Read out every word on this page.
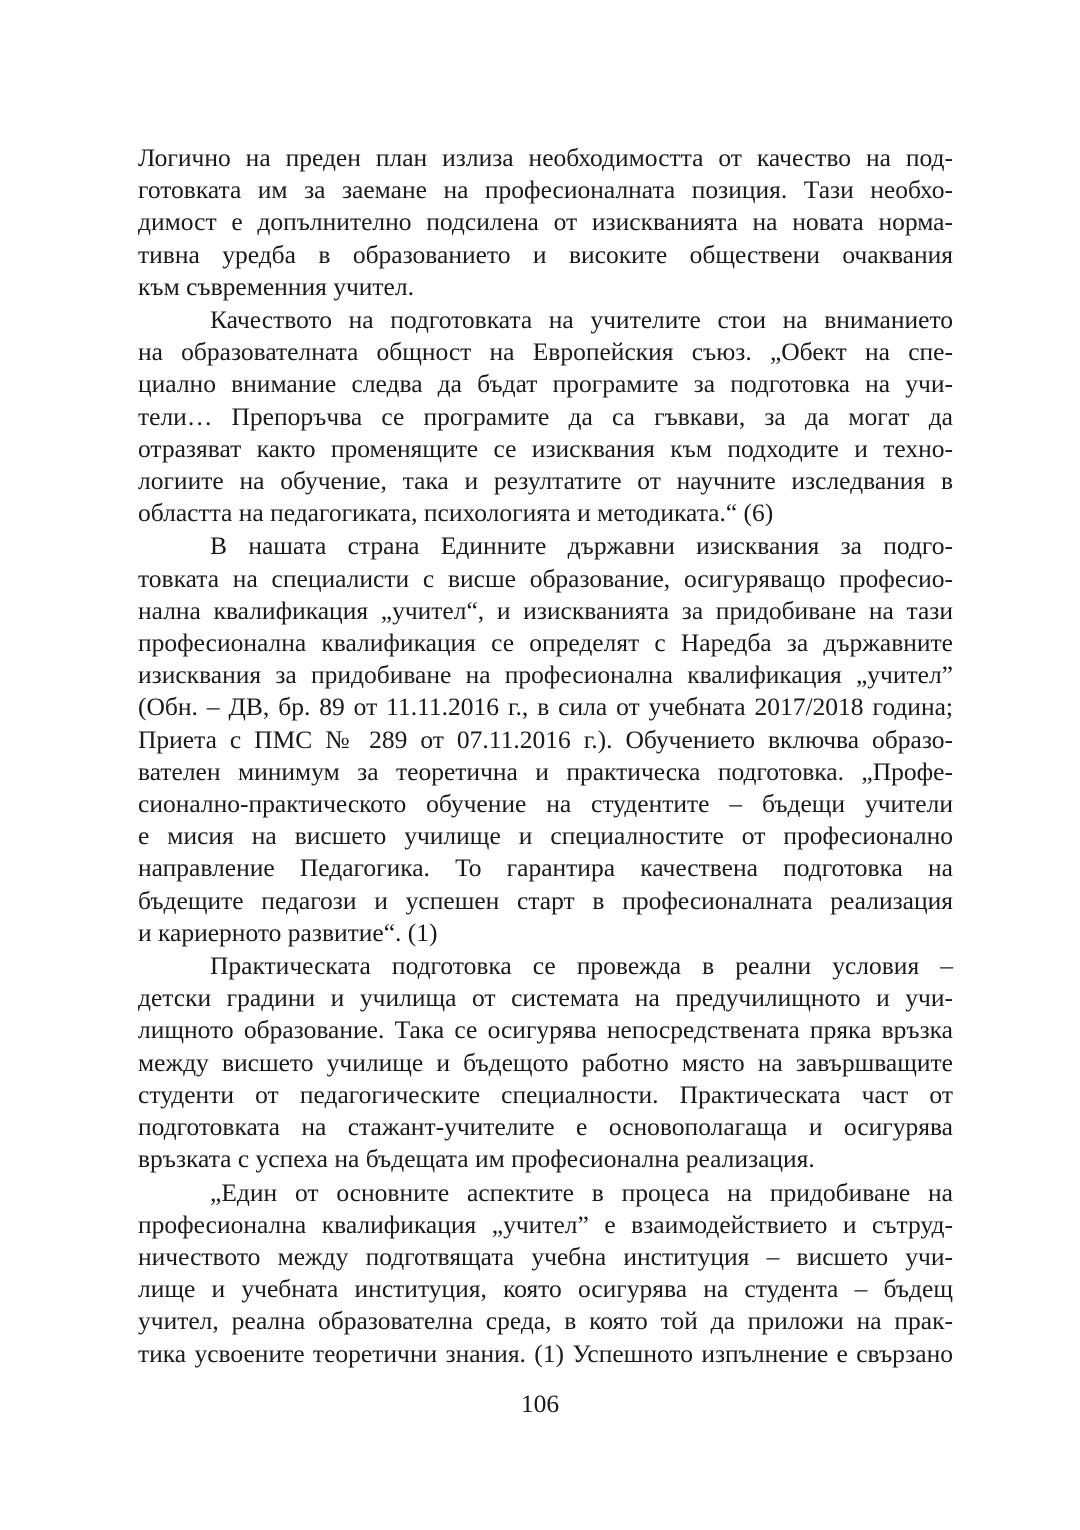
Логично на преден план излиза необходимостта от качество на под-
готовката им за заемане на професионалната позиция. Тази необхо-
димост е допълнително подсилена от изискванията на новата норма-
тивна уредба в образованието и високите обществени очаквания
към съвременния учител.

Качеството на подготовката на учителите стои на вниманието
на образователната общност на Европейския съюз. „Обект на спе-
циално внимание следва да бъдат програмите за подготовка на учи-
тели… Препоръчва се програмите да са гъвкави, за да могат да
отразяват както променящите се изисквания към подходите и техно-
логиите на обучение, така и резултатите от научните изследвания в
областта на педагогиката, психологията и методиката.“ (6)

В нашата страна Единните държавни изисквания за подго-
товката на специалисти с висше образование, осигуряващо професио-
нална квалификация „учител“, и изискванията за придобиване на тази
професионална квалификация се определят с Наредба за държавните
изисквания за придобиване на професионална квалификация „учител”
(Обн. – ДВ, бр. 89 от 11.11.2016 г., в сила от учебната 2017/2018 година;
Приета с ПМС № 289 от 07.11.2016 г.). Обучението включва образо-
вателен минимум за теоретична и практическа подготовка. „Профе-
сионално-практическото обучение на студентите – бъдещи учители
е мисия на висшето училище и специалностите от професионално
направление Педагогика. То гарантира качествена подготовка на
бъдещите педагози и успешен старт в професионалната реализация
и кариерното развитие“. (1)

Практическата подготовка се провежда в реални условия –
детски градини и училища от системата на предучилищното и учи-
лищното образование. Така се осигурява непосредствената пряка връзка
между висшето училище и бъдещото работно място на завършващите
студенти от педагогическите специалности. Практическата част от
подготовката на стажант-учителите е основополагаща и осигурява
връзката с успеха на бъдещата им професионална реализация.

„Един от основните аспектите в процеса на придобиване на
професионална квалификация „учител” е взаимодействието и сътруд-
ничеството между подготвящата учебна институция – висшето учи-
лище и учебната институция, която осигурява на студента – бъдещ
учител, реална образователна среда, в която той да приложи на прак-
тика усвоените теоретични знания. (1) Успешното изпълнение е свързано

106
